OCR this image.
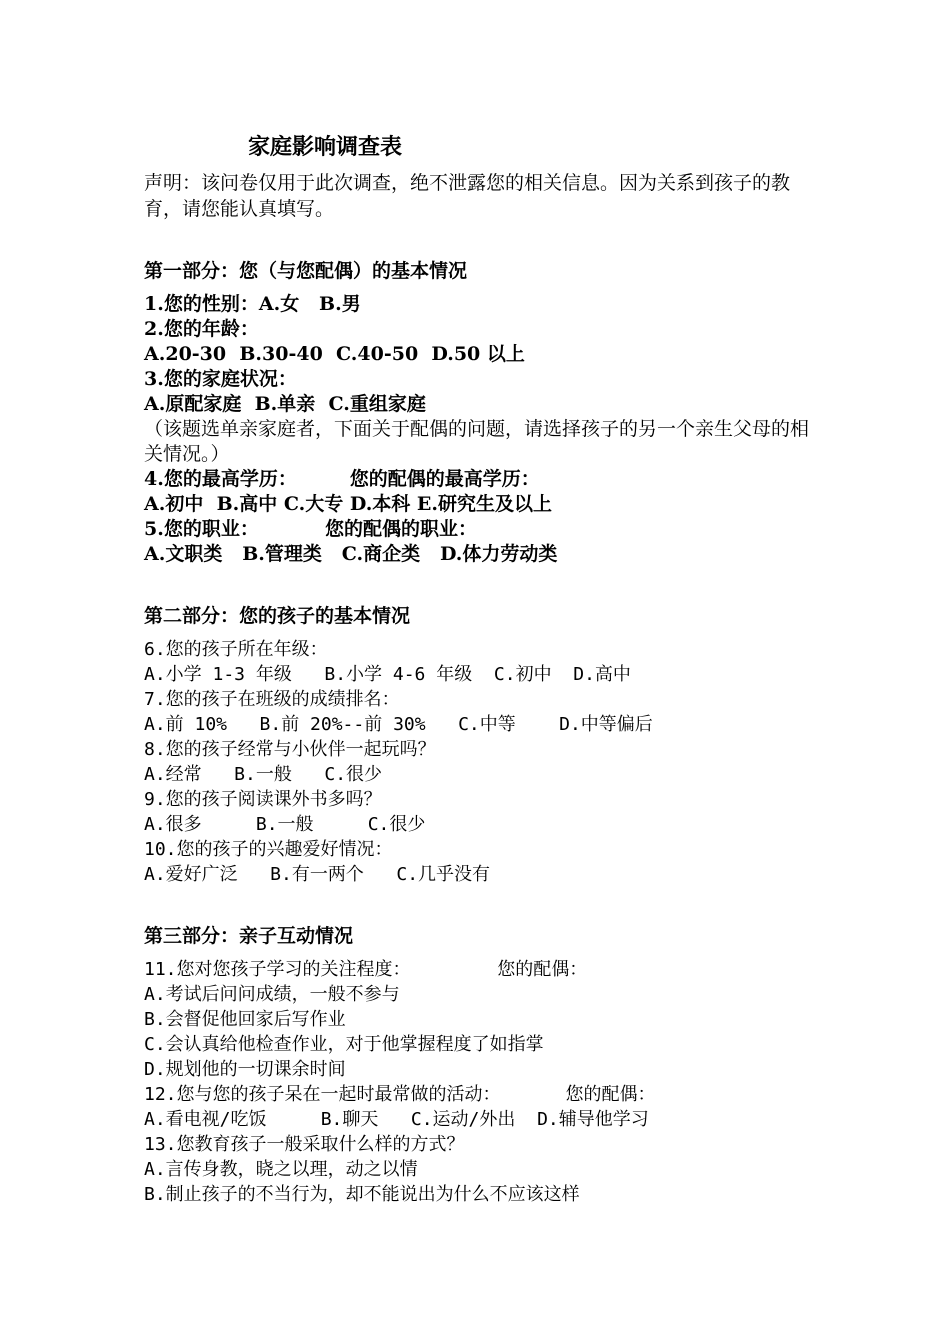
家庭影响调查表

声明：该问卷仅用于此次调查，绝不泄露您的相关信息。因为关系到孩子的教育，请您能认真填写。

第一部分：您（与您配偶）的基本情况
1.您的性别：A.女   B.男
2.您的年龄：
A.20-30  B.30-40  C.40-50  D.50 以上
3.您的家庭状况：
A.原配家庭  B.单亲  C.重组家庭

（该题选单亲家庭者，下面关于配偶的问题，请选择孩子的另一个亲生父母的相关情况。）

4.您的最高学历：        您的配偶的最高学历：
A.初中  B.高中 C.大专 D.本科 E.研究生及以上
5.您的职业：          您的配偶的职业：
A.文职类   B.管理类   C.商企类   D.体力劳动类
第二部分：您的孩子的基本情况
6.您的孩子所在年级：
A.小学 1-3 年级   B.小学 4-6 年级  C.初中  D.高中
7.您的孩子在班级的成绩排名：
A.前 10%   B.前 20%--前 30%   C.中等    D.中等偏后
8.您的孩子经常与小伙伴一起玩吗？
A.经常   B.一般   C.很少
9.您的孩子阅读课外书多吗？
A.很多     B.一般     C.很少
10.您的孩子的兴趣爱好情况：
A.爱好广泛   B.有一两个   C.几乎没有
第三部分：亲子互动情况
11.您对您孩子学习的关注程度：        您的配偶：
A.考试后问问成绩，一般不参与
B.会督促他回家后写作业
C.会认真给他检查作业，对于他掌握程度了如指掌
D.规划他的一切课余时间
12.您与您的孩子呆在一起时最常做的活动：      您的配偶：
A.看电视/吃饭     B.聊天   C.运动/外出  D.辅导他学习
13.您教育孩子一般采取什么样的方式？
A.言传身教，晓之以理，动之以情
B.制止孩子的不当行为，却不能说出为什么不应该这样
